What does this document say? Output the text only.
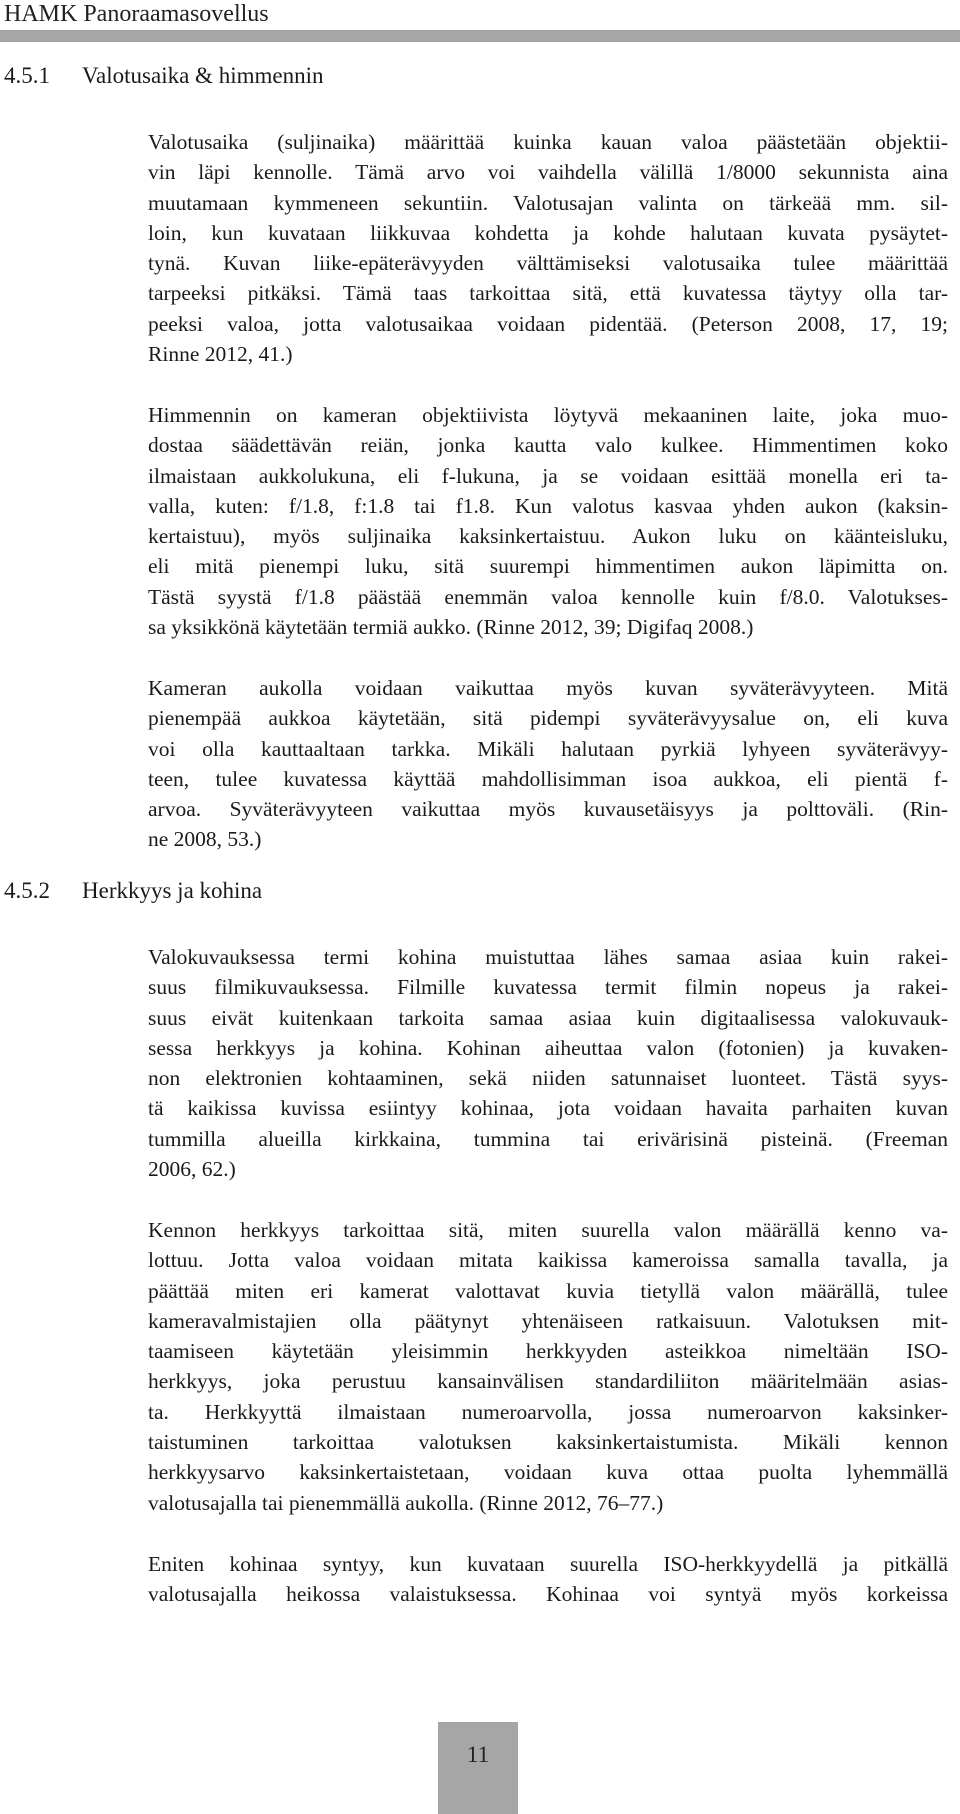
HAMK Panoraamasovellus
4.5.1 Valotusaika & himmennin
Valotusaika (suljinaika) määrittää kuinka kauan valoa päästetään objektii-
vin läpi kennolle. Tämä arvo voi vaihdella välillä 1/8000 sekunnista aina
muutamaan kymmeneen sekuntiin. Valotusajan valinta on tärkeää mm. sil-
loin, kun kuvataan liikkuvaa kohdetta ja kohde halutaan kuvata pysäytet-
tynä. Kuvan liike-epäterävyyden välttämiseksi valotusaika tulee määrittää
tarpeeksi pitkäksi. Tämä taas tarkoittaa sitä, että kuvatessa täytyy olla tar-
peeksi valoa, jotta valotusaikaa voidaan pidentää. (Peterson 2008, 17, 19;
Rinne 2012, 41.)
Himmennin on kameran objektiivista löytyvä mekaaninen laite, joka muo-
dostaa säädettävän reiän, jonka kautta valo kulkee. Himmentimen koko
ilmaistaan aukkolukuna, eli f-lukuna, ja se voidaan esittää monella eri ta-
valla, kuten: f/1.8, f:1.8 tai f1.8. Kun valotus kasvaa yhden aukon (kaksin-
kertaistuu), myös suljinaika kaksinkertaistuu. Aukon luku on käänteisluku,
eli mitä pienempi luku, sitä suurempi himmentimen aukon läpimitta on.
Tästä syystä f/1.8 päästää enemmän valoa kennolle kuin f/8.0. Valotukses-
sa yksikkönä käytetään termiä aukko. (Rinne 2012, 39; Digifaq 2008.)
Kameran aukolla voidaan vaikuttaa myös kuvan syväterävyyteen. Mitä
pienempää aukkoa käytetään, sitä pidempi syväterävyysalue on, eli kuva
voi olla kauttaaltaan tarkka. Mikäli halutaan pyrkiä lyhyeen syväterävyy-
teen, tulee kuvatessa käyttää mahdollisimman isoa aukkoa, eli pientä f-
arvoa. Syväterävyyteen vaikuttaa myös kuvausetäisyys ja polttoväli. (Rin-
ne 2008, 53.)
4.5.2 Herkkyys ja kohina
Valokuvauksessa termi kohina muistuttaa lähes samaa asiaa kuin rakei-
suus filmikuvauksessa. Filmille kuvatessa termit filmin nopeus ja rakei-
suus eivät kuitenkaan tarkoita samaa asiaa kuin digitaalisessa valokuvauk-
sessa herkkyys ja kohina. Kohinan aiheuttaa valon (fotonien) ja kuvaken-
non elektronien kohtaaminen, sekä niiden satunnaiset luonteet. Tästä syys-
tä kaikissa kuvissa esiintyy kohinaa, jota voidaan havaita parhaiten kuvan
tummilla alueilla kirkkaina, tummina tai erivärisinä pisteinä. (Freeman
2006, 62.)
Kennon herkkyys tarkoittaa sitä, miten suurella valon määrällä kenno va-
lottuu. Jotta valoa voidaan mitata kaikissa kameroissa samalla tavalla, ja
päättää miten eri kamerat valottavat kuvia tietyllä valon määrällä, tulee
kameravalmistajien olla päätynyt yhtenäiseen ratkaisuun. Valotuksen mit-
taamiseen käytetään yleisimmin herkkyyden asteikkoa nimeltään ISO-
herkkyys, joka perustuu kansainvälisen standardiliiton määritelmään asias-
ta. Herkkyyttä ilmaistaan numeroarvolla, jossa numeroarvon kaksinker-
taistuminen tarkoittaa valotuksen kaksinkertaistumista. Mikäli kennon
herkkyysarvo kaksinkertaistetaan, voidaan kuva ottaa puolta lyhemmällä
valotusajalla tai pienemmällä aukolla. (Rinne 2012, 76–77.)
Eniten kohinaa syntyy, kun kuvataan suurella ISO-herkkyydellä ja pitkällä
valotusajalla heikossa valaistuksessa. Kohinaa voi syntyä myös korkeissa
11
